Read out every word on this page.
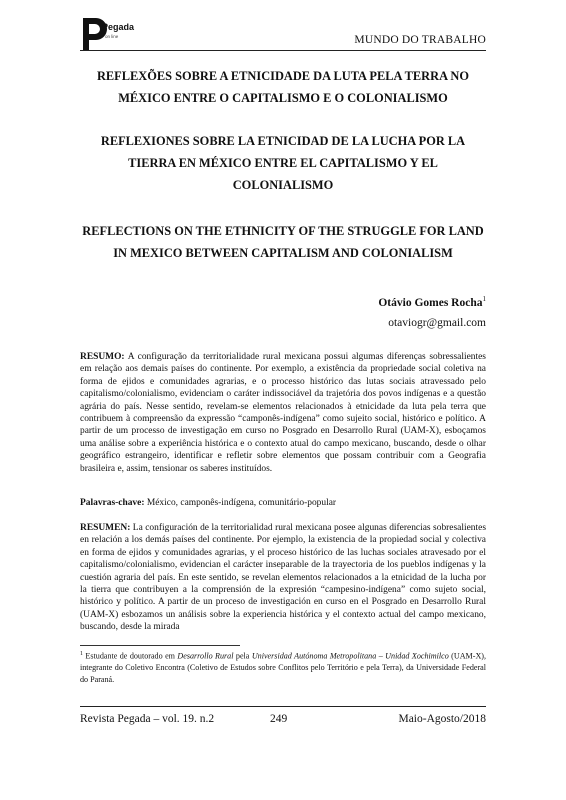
Pegada
on line	MUNDO DO TRABALHO
REFLEXÕES SOBRE A ETNICIDADE DA LUTA PELA TERRA NO MÉXICO ENTRE O CAPITALISMO E O COLONIALISMO
REFLEXIONES SOBRE LA ETNICIDAD DE LA LUCHA POR LA TIERRA EN MÉXICO ENTRE EL CAPITALISMO Y EL COLONIALISMO
REFLECTIONS ON THE ETHNICITY OF THE STRUGGLE FOR LAND IN MEXICO BETWEEN CAPITALISM AND COLONIALISM
Otávio Gomes Rocha$^1$
otaviogr@gmail.com
RESUMO: A configuração da territorialidade rural mexicana possui algumas diferenças sobressalientes em relação aos demais países do continente. Por exemplo, a existência da propriedade social coletiva na forma de ejidos e comunidades agrarias, e o processo histórico das lutas sociais atravessado pelo capitalismo/colonialismo, evidenciam o caráter indissociável da trajetória dos povos indígenas e a questão agrária do país. Nesse sentido, revelam-se elementos relacionados à etnicidade da luta pela terra que contribuem à compreensão da expressão “camponês-indígena” como sujeito social, histórico e político. A partir de um processo de investigação em curso no Posgrado en Desarrollo Rural (UAM-X), esboçamos uma análise sobre a experiência histórica e o contexto atual do campo mexicano, buscando, desde o olhar geográfico estrangeiro, identificar e refletir sobre elementos que possam contribuir com a Geografia brasileira e, assim, tensionar os saberes instituídos.
Palavras-chave: México, camponês-indígena, comunitário-popular
RESUMEN: La configuración de la territorialidad rural mexicana posee algunas diferencias sobresalientes en relación a los demás países del continente. Por ejemplo, la existencia de la propiedad social y colectiva en forma de ejidos y comunidades agrarias, y el proceso histórico de las luchas sociales atravesado por el capitalismo/colonialismo, evidencian el carácter inseparable de la trayectoria de los pueblos indígenas y la cuestión agraria del país. En este sentido, se revelan elementos relacionados a la etnicidad de la lucha por la tierra que contribuyen a la comprensión de la expresión “campesino-indígena” como sujeto social, histórico y político. A partir de un proceso de investigación en curso en el Posgrado en Desarrollo Rural (UAM-X) esbozamos un análisis sobre la experiencia histórica y el contexto actual del campo mexicano, buscando, desde la mirada
$^1$ Estudante de doutorado em Desarrollo Rural pela Universidad Autónoma Metropolitana – Unidad Xochimilco (UAM-X), integrante do Coletivo Encontra (Coletivo de Estudos sobre Conflitos pelo Território e pela Terra), da Universidade Federal do Paraná.
Revista Pegada – vol. 19. n.2	249	Maio-Agosto/2018
